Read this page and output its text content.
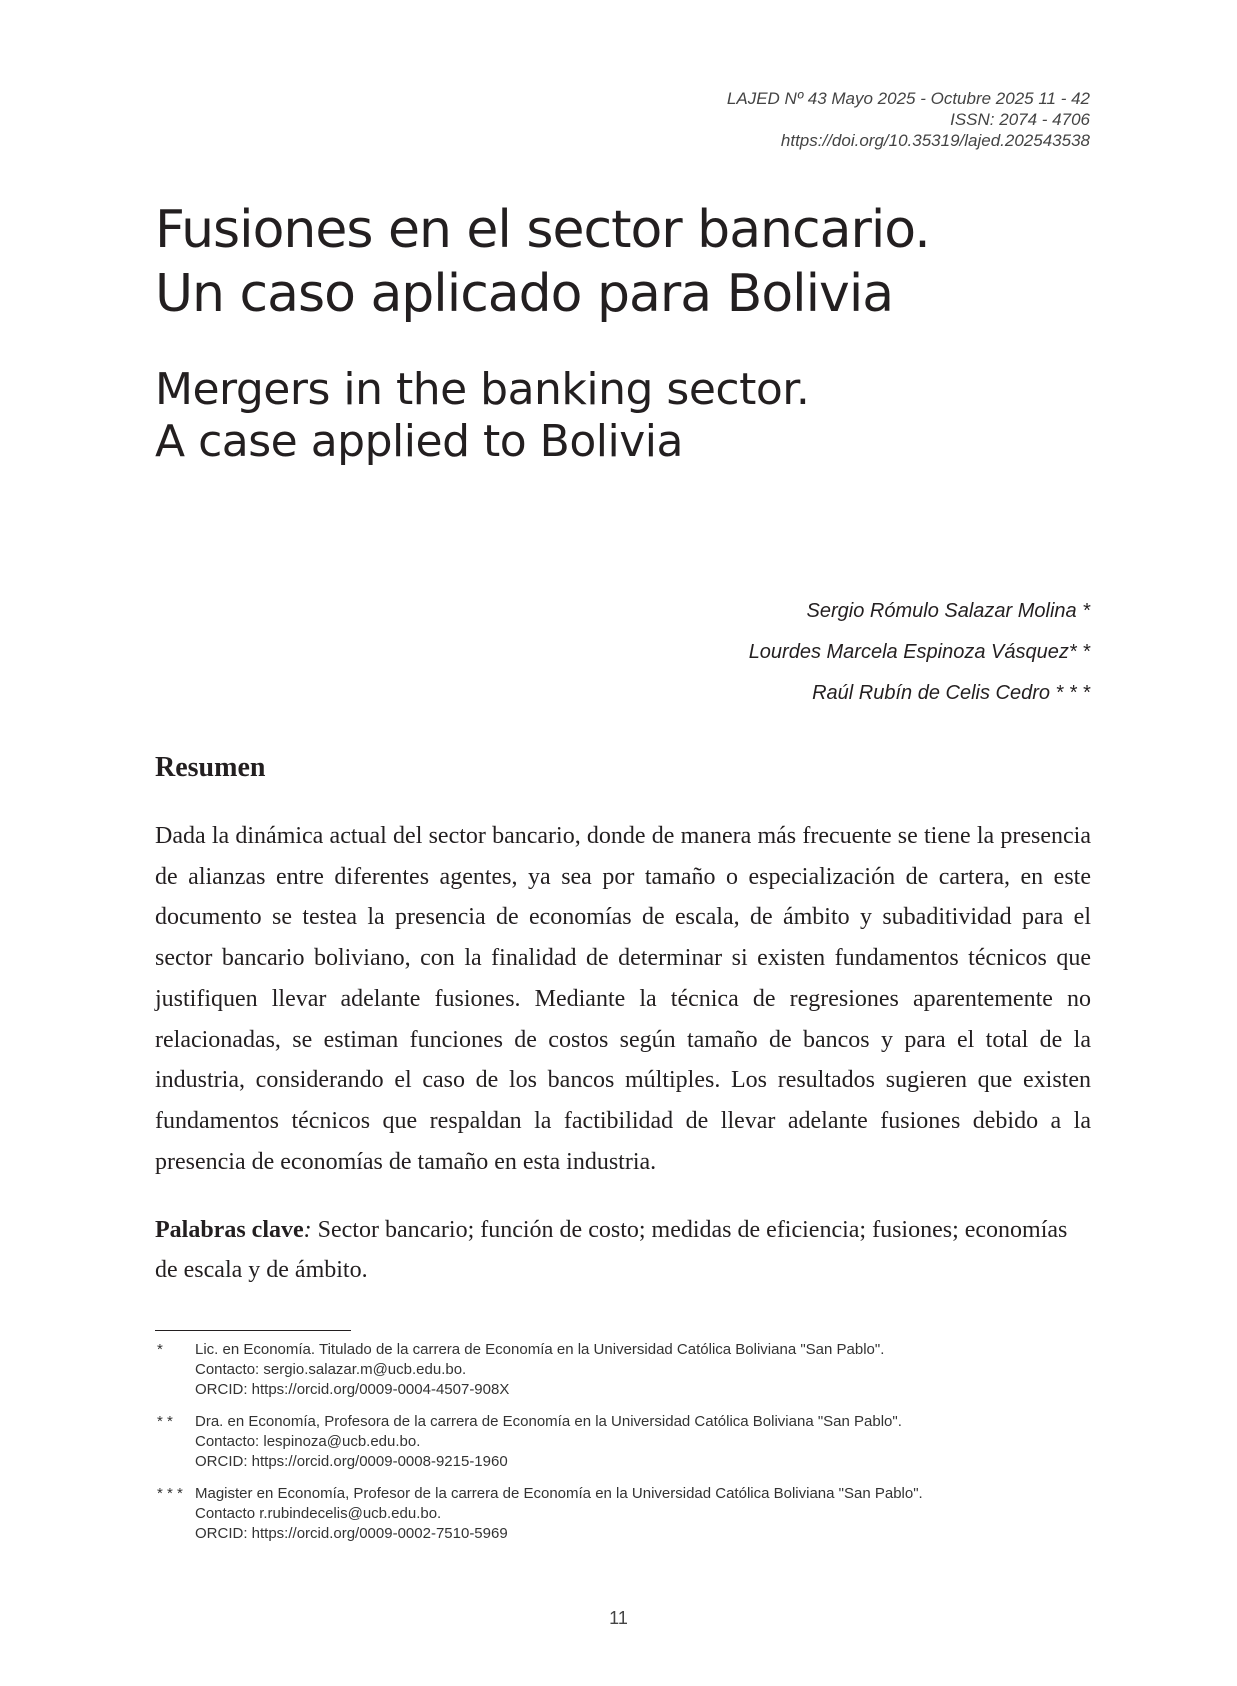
LAJED Nº 43 Mayo 2025 - Octubre 2025 11 - 42
ISSN: 2074 - 4706
https://doi.org/10.35319/lajed.202543538
Fusiones en el sector bancario.
Un caso aplicado para Bolivia
Mergers in the banking sector.
A case applied to Bolivia
Sergio Rómulo Salazar Molina *
Lourdes Marcela Espinoza Vásquez* *
Raúl Rubín de Celis Cedro * * *
Resumen

Dada la dinámica actual del sector bancario, donde de manera más frecuente se tiene la presencia de alianzas entre diferentes agentes, ya sea por tamaño o especialización de cartera, en este documento se testea la presencia de economías de escala, de ámbito y subaditividad para el sector bancario boliviano, con la finalidad de determinar si existen fundamentos técnicos que justifiquen llevar adelante fusiones. Mediante la técnica de regresiones aparentemente no relacionadas, se estiman funciones de costos según tamaño de bancos y para el total de la industria, considerando el caso de los bancos múltiples. Los resultados sugieren que existen fundamentos técnicos que respaldan la factibilidad de llevar adelante fusiones debido a la presencia de economías de tamaño en esta industria.

Palabras clave: Sector bancario; función de costo; medidas de eficiencia; fusiones; economías de escala y de ámbito.

* Lic. en Economía. Titulado de la carrera de Economía en la Universidad Católica Boliviana "San Pablo".
Contacto: sergio.salazar.m@ucb.edu.bo.
ORCID: https://orcid.org/0009-0004-4507-908X
* * Dra. en Economía, Profesora de la carrera de Economía en la Universidad Católica Boliviana "San Pablo".
Contacto: lespinoza@ucb.edu.bo.
ORCID: https://orcid.org/0009-0008-9215-1960
* * * Magister en Economía, Profesor de la carrera de Economía en la Universidad Católica Boliviana "San Pablo".
Contacto r.rubindecelis@ucb.edu.bo.
ORCID: https://orcid.org/0009-0002-7510-5969
11
